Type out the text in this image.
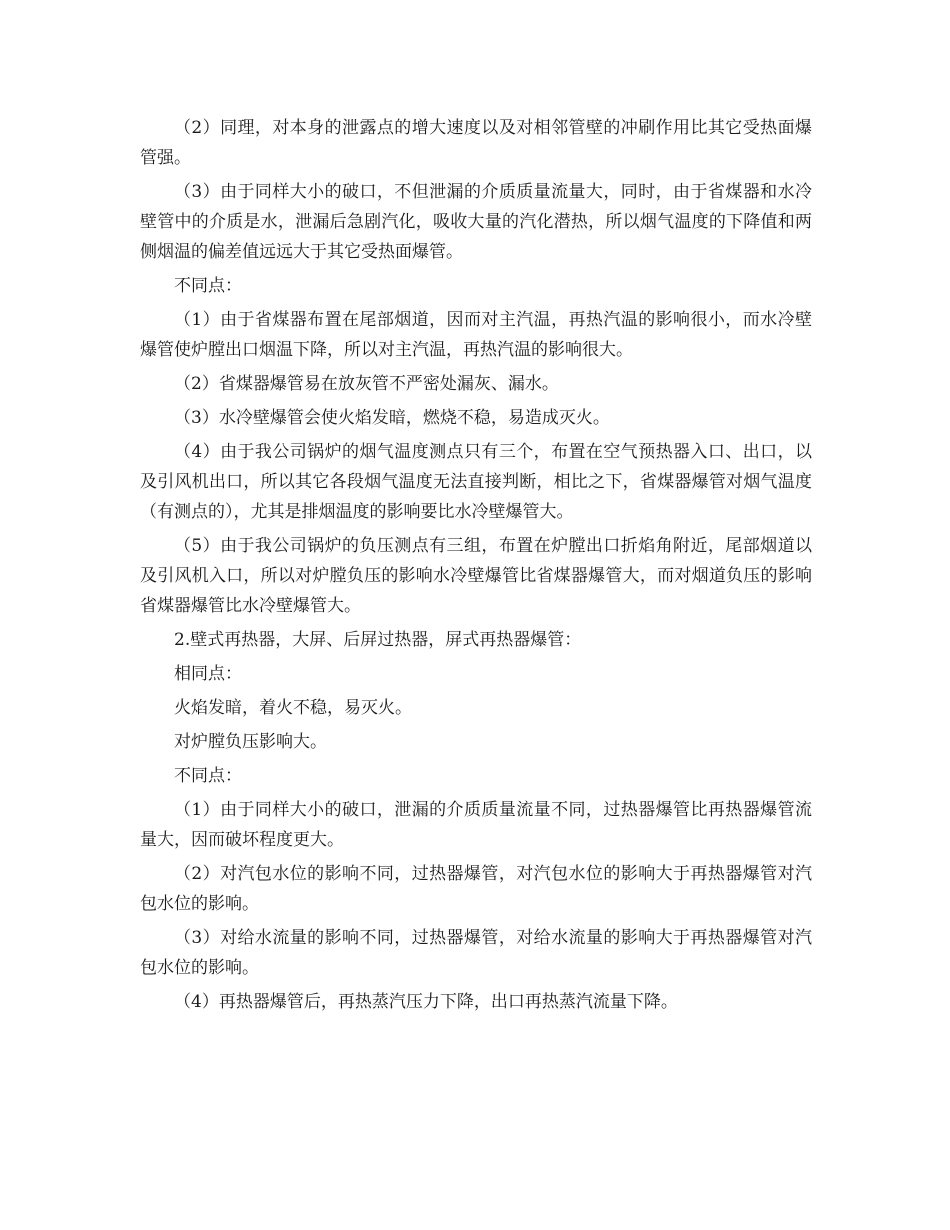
（2）同理，对本身的泄露点的增大速度以及对相邻管壁的冲刷作用比其它受热面爆管强。

（3）由于同样大小的破口，不但泄漏的介质质量流量大，同时，由于省煤器和水冷壁管中的介质是水，泄漏后急剧汽化，吸收大量的汽化潜热，所以烟气温度的下降值和两侧烟温的偏差值远远大于其它受热面爆管。

不同点：

（1）由于省煤器布置在尾部烟道，因而对主汽温，再热汽温的影响很小，而水冷壁爆管使炉膛出口烟温下降，所以对主汽温，再热汽温的影响很大。

（2）省煤器爆管易在放灰管不严密处漏灰、漏水。

（3）水冷壁爆管会使火焰发暗，燃烧不稳，易造成灭火。

（4）由于我公司锅炉的烟气温度测点只有三个，布置在空气预热器入口、出口，以及引风机出口，所以其它各段烟气温度无法直接判断，相比之下，省煤器爆管对烟气温度（有测点的），尤其是排烟温度的影响要比水冷壁爆管大。

（5）由于我公司锅炉的负压测点有三组，布置在炉膛出口折焰角附近，尾部烟道以及引风机入口，所以对炉膛负压的影响水冷壁爆管比省煤器爆管大，而对烟道负压的影响省煤器爆管比水冷壁爆管大。

2.壁式再热器，大屏、后屏过热器，屏式再热器爆管：

相同点：

火焰发暗，着火不稳，易灭火。

对炉膛负压影响大。

不同点：

（1）由于同样大小的破口，泄漏的介质质量流量不同，过热器爆管比再热器爆管流量大，因而破坏程度更大。

（2）对汽包水位的影响不同，过热器爆管，对汽包水位的影响大于再热器爆管对汽包水位的影响。

（3）对给水流量的影响不同，过热器爆管，对给水流量的影响大于再热器爆管对汽包水位的影响。

（4）再热器爆管后，再热蒸汽压力下降，出口再热蒸汽流量下降。
